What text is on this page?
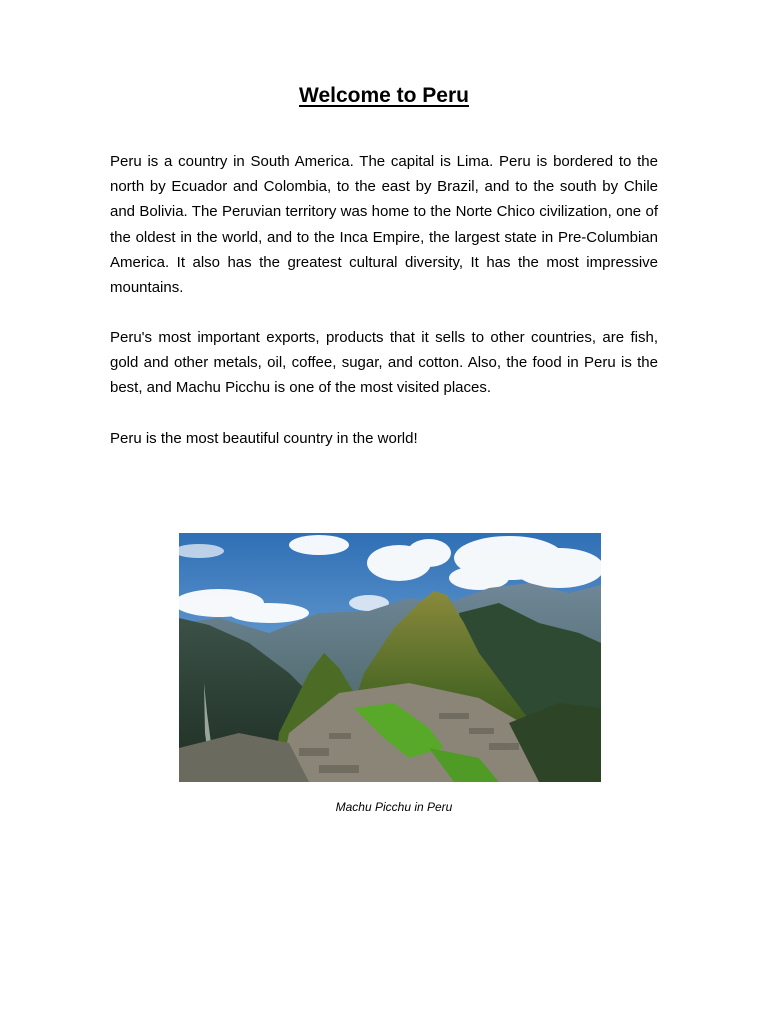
Welcome to Peru

Peru is a country in South America. The capital is Lima. Peru is bordered to the north by Ecuador and Colombia, to the east by Brazil, and to the south by Chile and Bolivia. The Peruvian territory was home to the Norte Chico civilization, one of the oldest in the world, and to the Inca Empire, the largest state in Pre-Columbian America. It also has the greatest cultural diversity, It has the most impressive mountains.

Peru's most important exports, products that it sells to other countries, are fish, gold and other metals, oil, coffee, sugar, and cotton. Also, the food in Peru is the best, and Machu Picchu is one of the most visited places.

Peru is the most beautiful country in the world!

Machu Picchu in Peru
